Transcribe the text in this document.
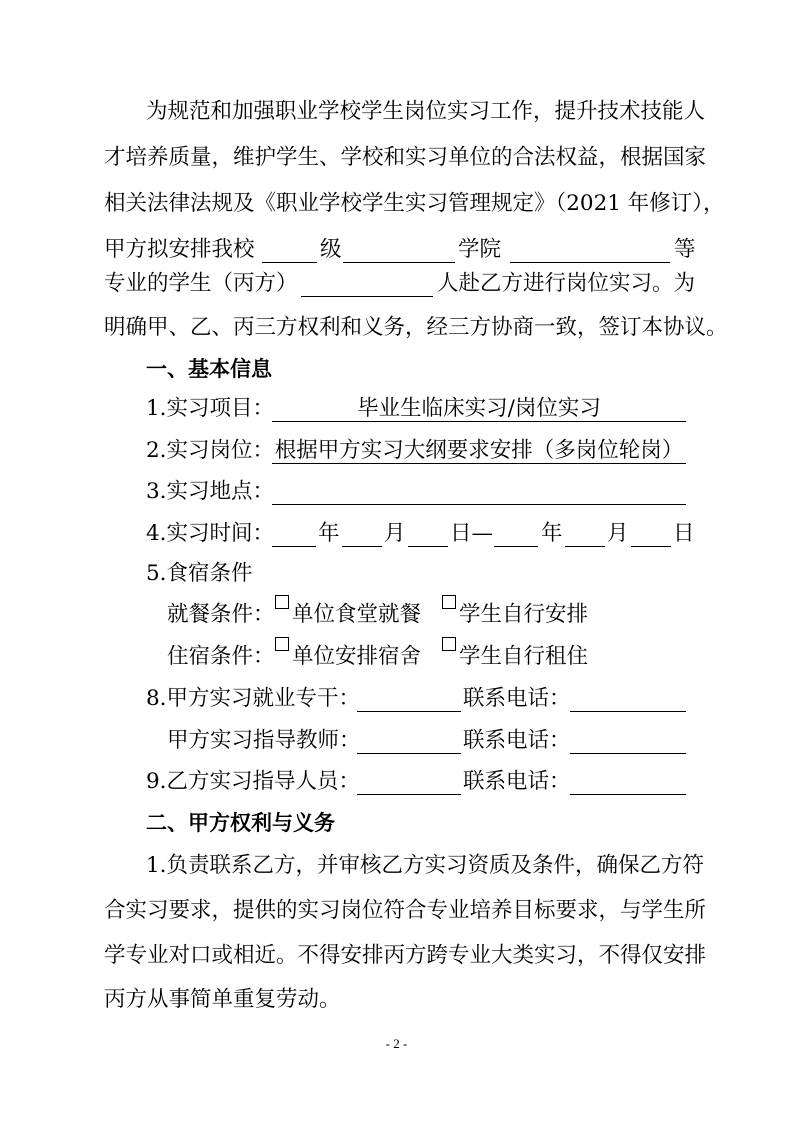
为规范和加强职业学校学生岗位实习工作，提升技术技能人
才培养质量，维护学生、学校和实习单位的合法权益，根据国家
相关法律法规及《职业学校学生实习管理规定》（2021 年修订），
甲方拟安排我校	级	学院	等
专业的学生（丙方）	人赴乙方进行岗位实习。为
明确甲、乙、丙三方权利和义务，经三方协商一致，签订本协议。
一、基本信息
1.实习项目：	毕业生临床实习/岗位实习
2.实习岗位： 根据甲方实习大纲要求安排（多岗位轮岗）
3.实习地点：
4.实习时间： 年 月 日— 年 月 日
5.食宿条件
就餐条件： 单位食堂就餐 学生自行安排
住宿条件： 单位安排宿舍 学生自行租住
8.甲方实习就业专干：	联系电话：
甲方实习指导教师：	联系电话：
9.乙方实习指导人员：	联系电话：
二、甲方权利与义务
1.负责联系乙方，并审核乙方实习资质及条件，确保乙方符
合实习要求，提供的实习岗位符合专业培养目标要求，与学生所
学专业对口或相近。不得安排丙方跨专业大类实习，不得仅安排
丙方从事简单重复劳动。
- 2 -
